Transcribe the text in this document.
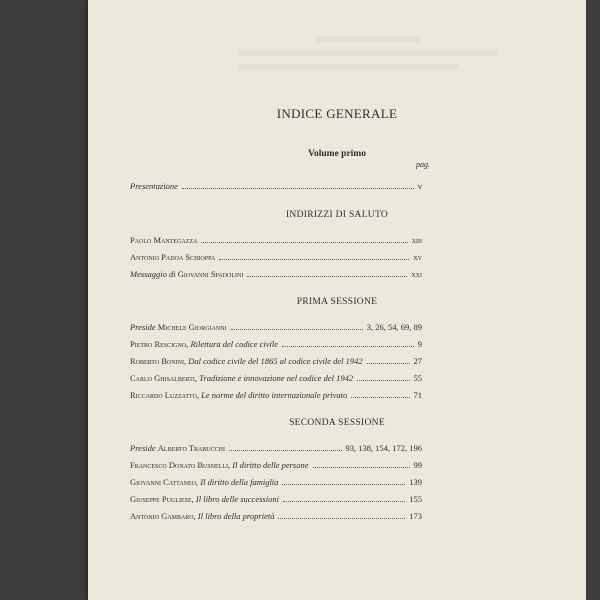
INDICE GENERALE
Volume primo
pag.
Presentazione	v
INDIRIZZI DI SALUTO
Paolo Mantegazza	xiii
Antonio Padoa Schioppa	xv
Messaggio di Giovanni Spadolini	xxi
PRIMA SESSIONE
Preside Michele Giorgianni	3, 26, 54, 69, 89
Pietro Rescigno, Rilettura del codice civile	9
Roberto Bonini, Dal codice civile del 1865 al codice civile del 1942	27
Carlo Ghisalberti, Tradizione e innovazione nel codice del 1942	55
Riccardo Luzzatto, Le norme del diritto internazionale privato	71
SECONDA SESSIONE
Preside Alberto Trabucchi	93, 138, 154, 172, 196
Francesco Donato Busnelli, Il diritto delle persone	99
Giovanni Cattaneo, Il diritto della famiglia	139
Giuseppe Pugliese, Il libro delle successioni	155
Antonio Gambaro, Il libro della proprietà	173
